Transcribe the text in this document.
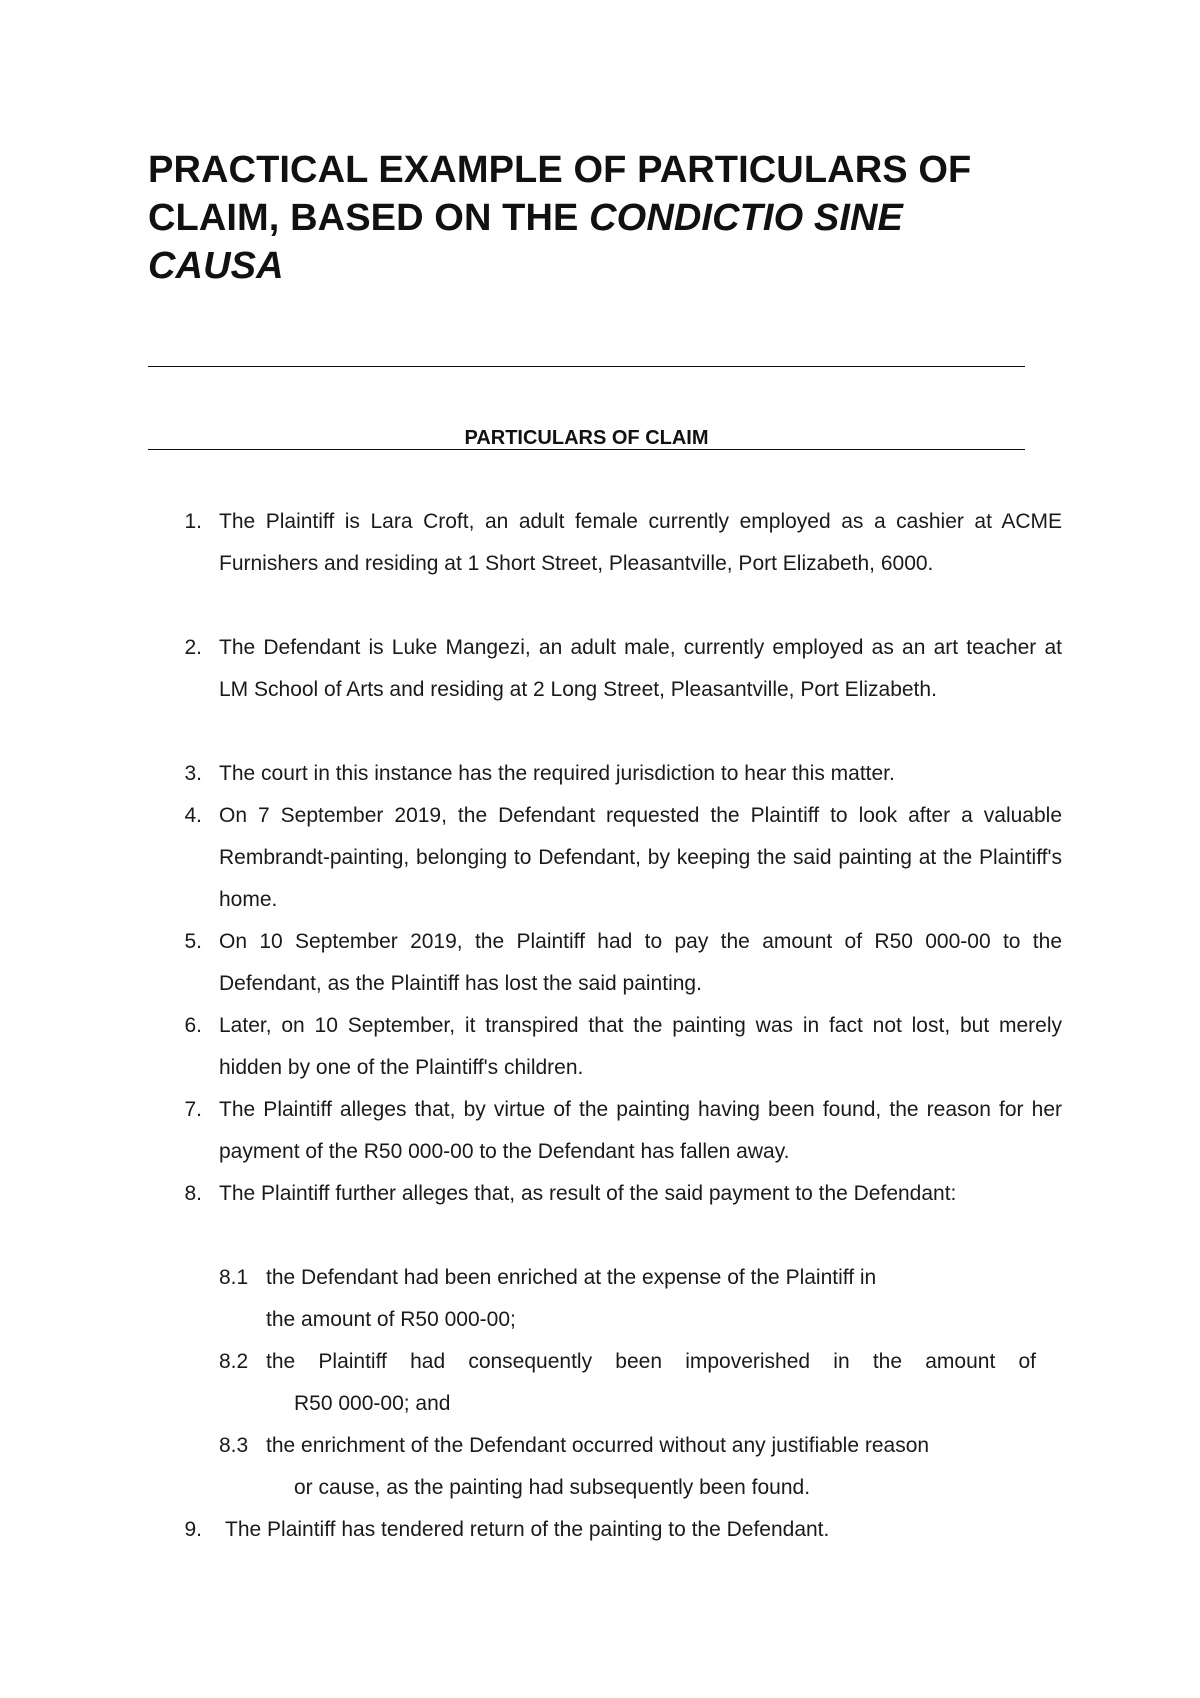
PRACTICAL EXAMPLE OF PARTICULARS OF CLAIM, BASED ON THE CONDICTIO SINE CAUSA
PARTICULARS OF CLAIM
1. The Plaintiff is Lara Croft, an adult female currently employed as a cashier at ACME Furnishers and residing at 1 Short Street, Pleasantville, Port Elizabeth, 6000.

2. The Defendant is Luke Mangezi, an adult male, currently employed as an art teacher at LM School of Arts and residing at 2 Long Street, Pleasantville, Port Elizabeth.

3. The court in this instance has the required jurisdiction to hear this matter.

4. On 7 September 2019, the Defendant requested the Plaintiff to look after a valuable Rembrandt-painting, belonging to Defendant, by keeping the said painting at the Plaintiff's home.

5. On 10 September 2019, the Plaintiff had to pay the amount of R50 000-00 to the Defendant, as the Plaintiff has lost the said painting.

6. Later, on 10 September, it transpired that the painting was in fact not lost, but merely hidden by one of the Plaintiff's children.

7. The Plaintiff alleges that, by virtue of the painting having been found, the reason for her payment of the R50 000-00 to the Defendant has fallen away.

8. The Plaintiff further alleges that, as result of the said payment to the Defendant:

8.1 the Defendant had been enriched at the expense of the Plaintiff in
the amount of R50 000-00;
8.2 the Plaintiff had consequently been impoverished in the amount of
R50 000-00; and
8.3 the enrichment of the Defendant occurred without any justifiable reason
or cause, as the painting had subsequently been found.
9. The Plaintiff has tendered return of the painting to the Defendant.
